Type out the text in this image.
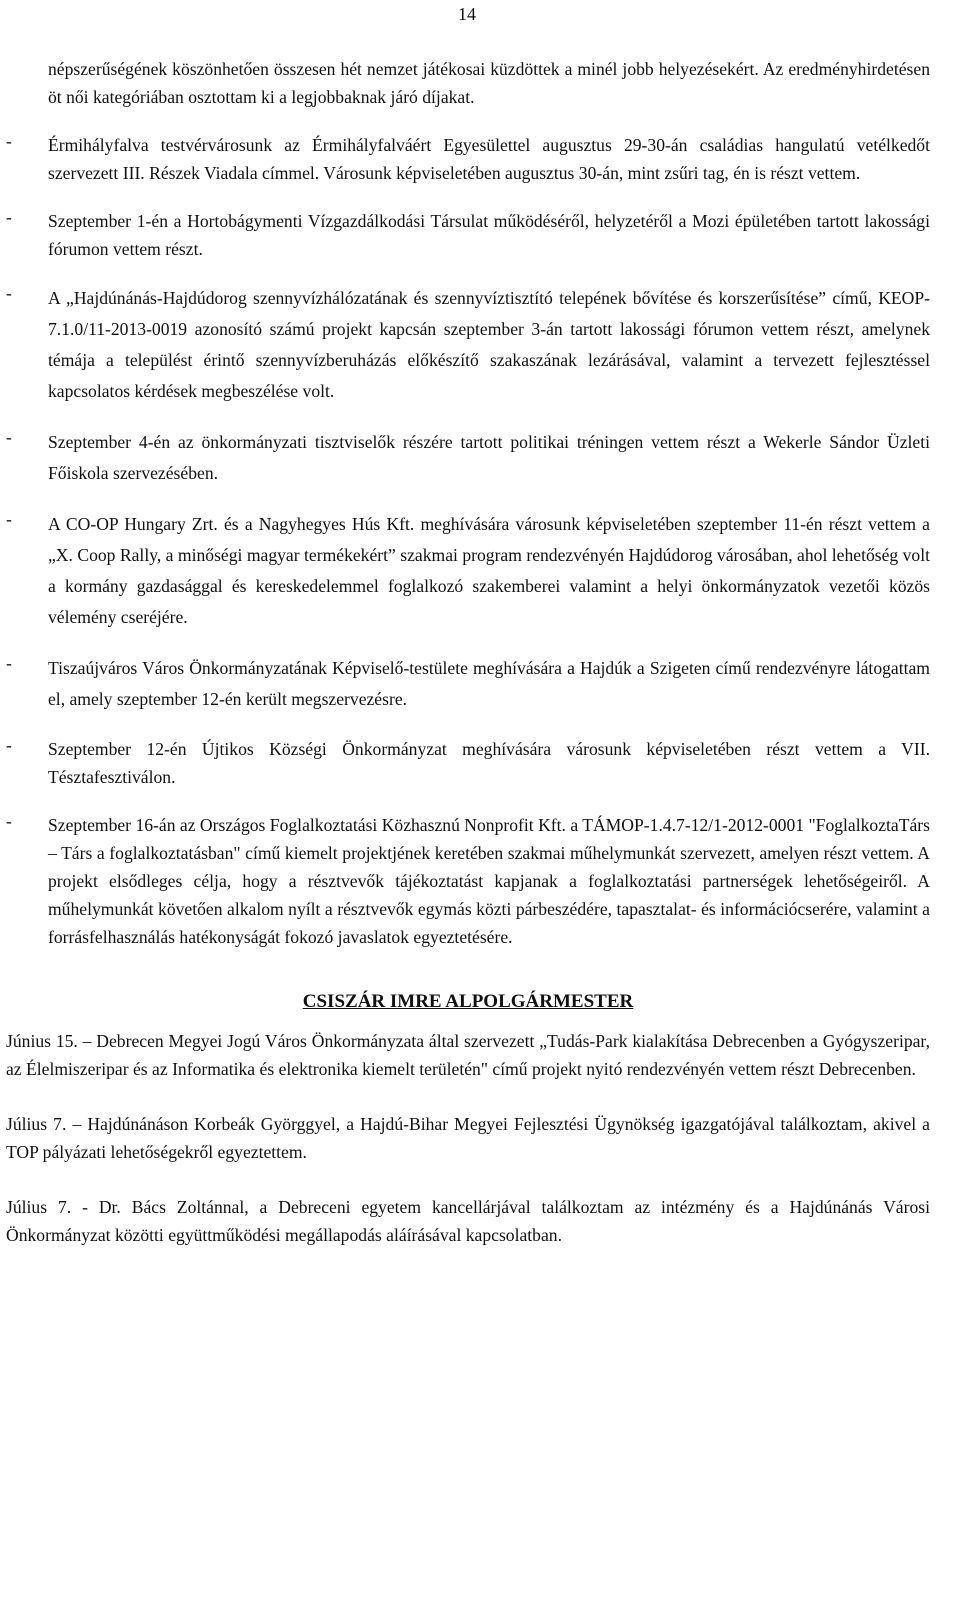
14

népszerűségének köszönhetően összesen hét nemzet játékosai küzdöttek a minél jobb helyezésekért. Az eredményhirdetésen öt női kategóriában osztottam ki a legjobbaknak járó díjakat.

- Érmihályfalva testvérvárosunk az Érmihályfalváért Egyesülettel augusztus 29-30-án családias hangulatú vetélkedőt szervezett III. Részek Viadala címmel. Városunk képviseletében augusztus 30-án, mint zsűri tag, én is részt vettem.

- Szeptember 1-én a Hortobágymenti Vízgazdálkodási Társulat működéséről, helyzetéről a Mozi épületében tartott lakossági fórumon vettem részt.

- A „Hajdúnánás-Hajdúdorog szennyvízhálózatának és szennyvíztisztító telepének bővítése és korszerűsítése” című, KEOP-7.1.0/11-2013-0019 azonosító számú projekt kapcsán szeptember 3-án tartott lakossági fórumon vettem részt, amelynek témája a települést érintő szennyvízberuházás előkészítő szakaszának lezárásával, valamint a tervezett fejlesztéssel kapcsolatos kérdések megbeszélése volt.

- Szeptember 4-én az önkormányzati tisztviselők részére tartott politikai tréningen vettem részt a Wekerle Sándor Üzleti Főiskola szervezésében.

- A CO-OP Hungary Zrt. és a Nagyhegyes Hús Kft. meghívására városunk képviseletében szeptember 11-én részt vettem a „X. Coop Rally, a minőségi magyar termékekért” szakmai program rendezvényén Hajdúdorog városában, ahol lehetőség volt a kormány gazdasággal és kereskedelemmel foglalkozó szakemberei valamint a helyi önkormányzatok vezetői közös vélemény cseréjére.

- Tiszaújváros Város Önkormányzatának Képviselő-testülete meghívására a Hajdúk a Szigeten című rendezvényre látogattam el, amely szeptember 12-én került megszervezésre.

- Szeptember 12-én Újtikos Községi Önkormányzat meghívására városunk képviseletében részt vettem a VII. Tésztafesztiválon.

- Szeptember 16-án az Országos Foglalkoztatási Közhasznú Nonprofit Kft. a TÁMOP-1.4.7-12/1-2012-0001 "FoglalkoztaTárs – Társ a foglalkoztatásban" című kiemelt projektjének keretében szakmai műhelymunkát szervezett, amelyen részt vettem. A projekt elsődleges célja, hogy a résztvevők tájékoztatást kapjanak a foglalkoztatási partnerségek lehetőségeiről. A műhelymunkát követően alkalom nyílt a résztvevők egymás közti párbeszédére, tapasztalat- és információcserére, valamint a forrásfelhasználás hatékonyságát fokozó javaslatok egyeztetésére.

CSISZÁR IMRE ALPOLGÁRMESTER

Június 15. – Debrecen Megyei Jogú Város Önkormányzata által szervezett „Tudás-Park kialakítása Debrecenben a Gyógyszeripar, az Élelmiszeripar és az Informatika és elektronika kiemelt területén" című projekt nyitó rendezvényén vettem részt Debrecenben.

Július 7. – Hajdúnánáson Korbeák Györggyel, a Hajdú-Bihar Megyei Fejlesztési Ügynökség igazgatójával találkoztam, akivel a TOP pályázati lehetőségekről egyeztettem.

Július 7. - Dr. Bács Zoltánnal, a Debreceni egyetem kancellárjával találkoztam az intézmény és a Hajdúnánás Városi Önkormányzat közötti együttműködési megállapodás aláírásával kapcsolatban.
